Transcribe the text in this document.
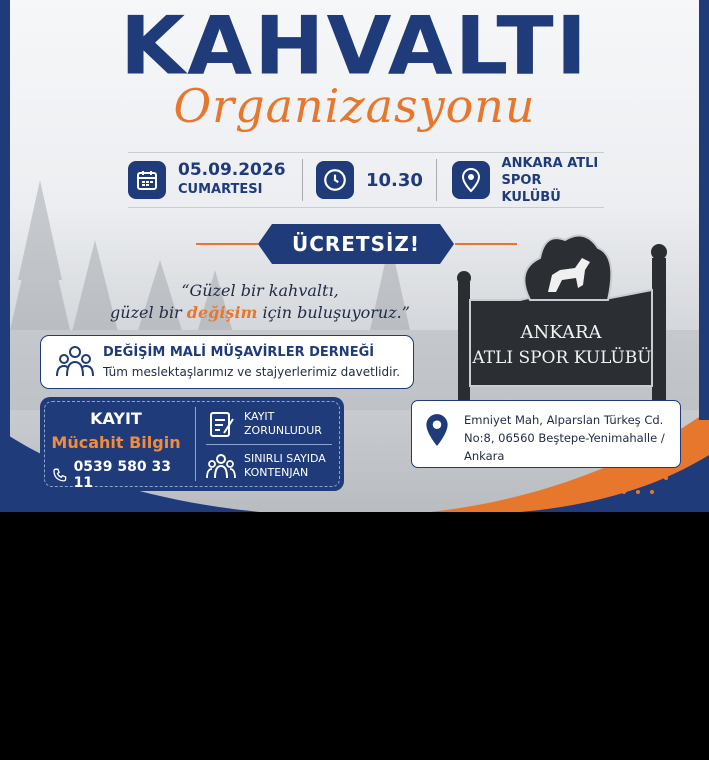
KAHVALTI
Organizasyonu
05.09.2026
CUMARTESI	10.30
ANKARA ATLI
SPOR KULÜBÜ
ÜCRETSİZ!
“Güzel bir kahvaltı,
güzel bir değişim için buluşuyoruz.”
DEĞİŞİM MALİ MÜŞAVİRLER DERNEĞİ
Tüm meslektaşlarımız ve stajyerlerimiz davetlidir.
KAYIT
Mücahit Bilgin
0539 580 33 11
KAYIT
ZORUNLUDUR
SINIRLI SAYIDA
KONTENJAN
ANKARA
ATLI SPOR KULÜBÜ
Emniyet Mah, Alparslan Türkeş Cd.
No:8, 06560 Beştepe-Yenimahalle /
Ankara
